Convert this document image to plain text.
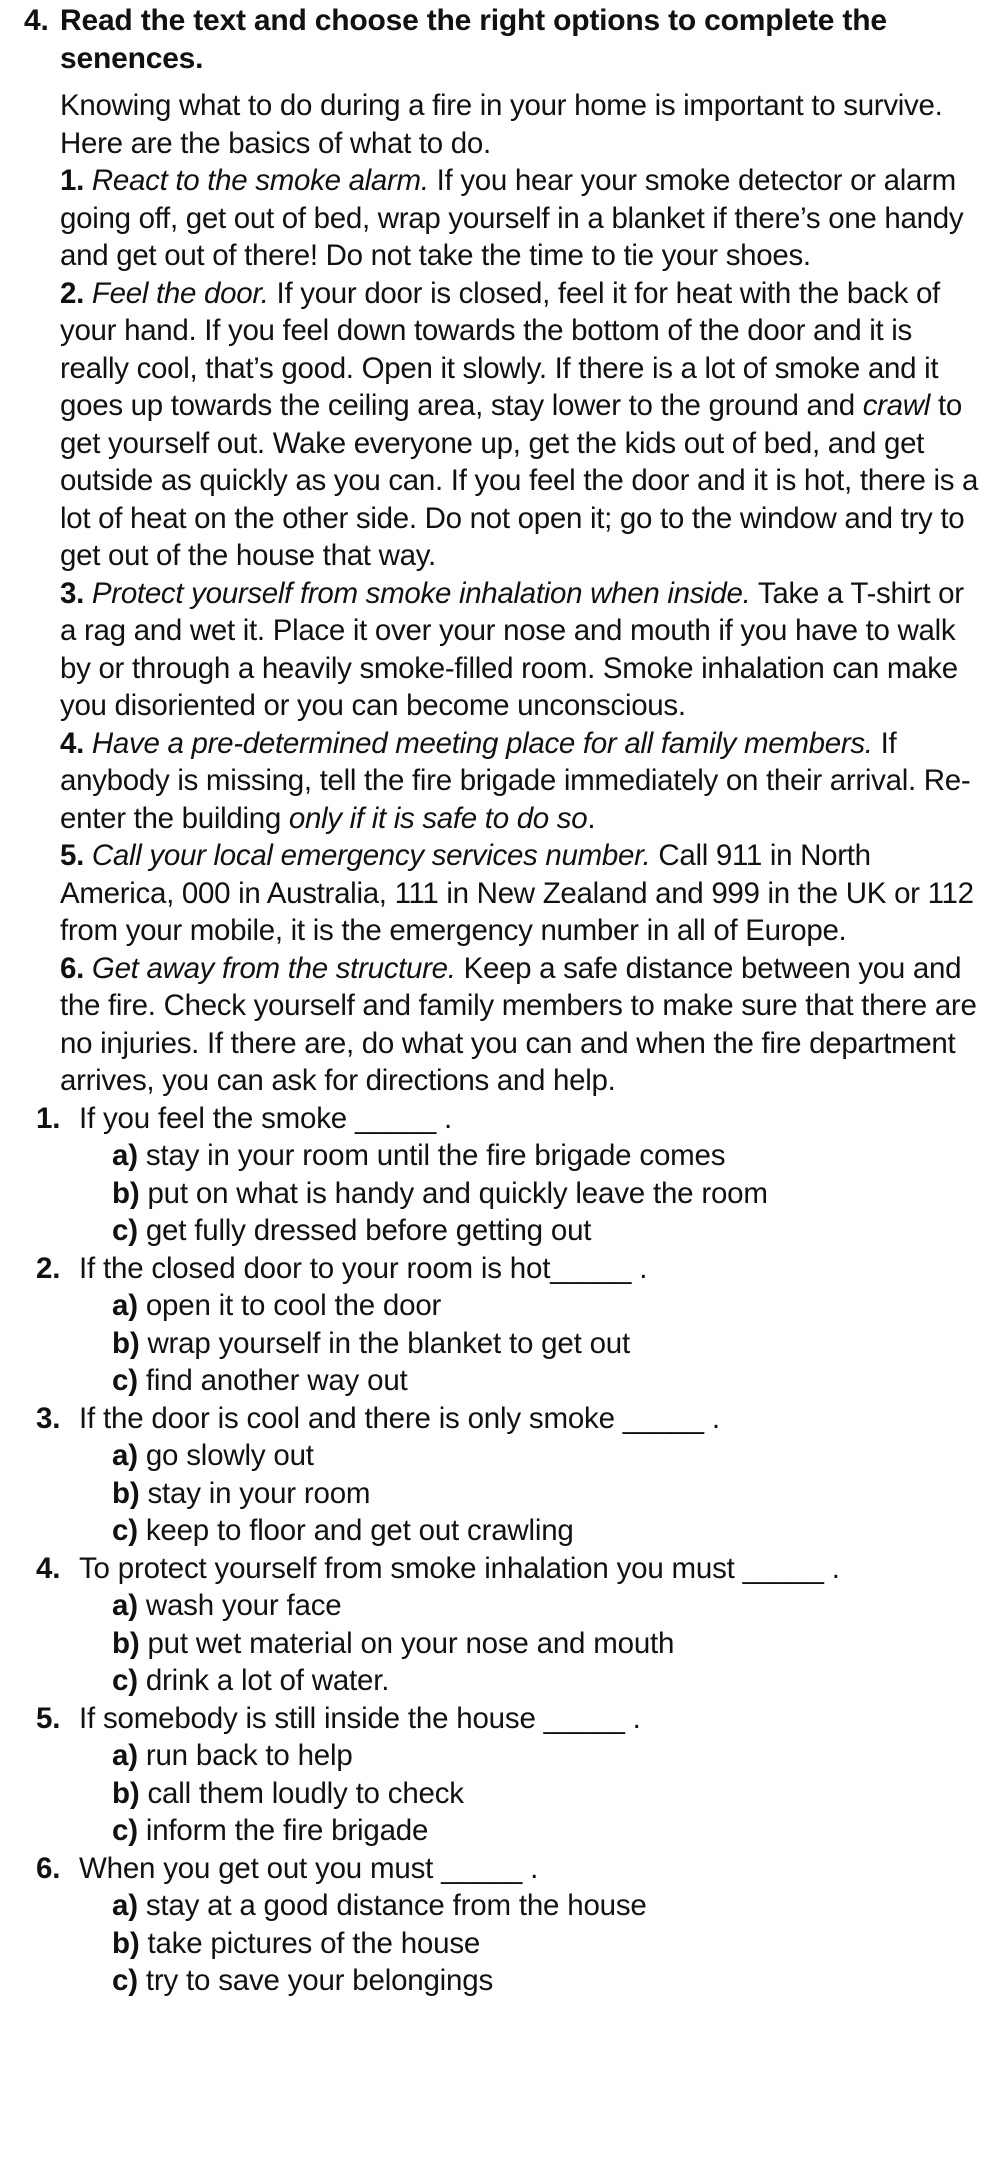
4. Read the text and choose the right options to complete the senences.

Knowing what to do during a fire in your home is important to survive. Here are the basics of what to do.

1. React to the smoke alarm. If you hear your smoke detector or alarm going off, get out of bed, wrap yourself in a blanket if there’s one handy and get out of there! Do not take the time to tie your shoes.

2. Feel the door. If your door is closed, feel it for heat with the back of your hand. If you feel down towards the bottom of the door and it is really cool, that’s good. Open it slowly. If there is a lot of smoke and it goes up towards the ceiling area, stay lower to the ground and crawl to get yourself out. Wake everyone up, get the kids out of bed, and get outside as quickly as you can. If you feel the door and it is hot, there is a lot of heat on the other side. Do not open it; go to the window and try to get out of the house that way.

3. Protect yourself from smoke inhalation when inside. Take a T-shirt or a rag and wet it. Place it over your nose and mouth if you have to walk by or through a heavily smoke-filled room. Smoke inhalation can make you disoriented or you can become unconscious.

4. Have a pre-determined meeting place for all family members. If anybody is missing, tell the fire brigade immediately on their arrival. Re-enter the building only if it is safe to do so.

5. Call your local emergency services number. Call 911 in North America, 000 in Australia, 111 in New Zealand and 999 in the UK or 112 from your mobile, it is the emergency number in all of Europe.

6. Get away from the structure. Keep a safe distance between you and the fire. Check yourself and family members to make sure that there are no injuries. If there are, do what you can and when the fire department arrives, you can ask for directions and help.

1. If you feel the smoke _____ .
a) stay in your room until the fire brigade comes
b) put on what is handy and quickly leave the room
c) get fully dressed before getting out
2. If the closed door to your room is hot_____ .
a) open it to cool the door
b) wrap yourself in the blanket to get out
c) find another way out
3. If the door is cool and there is only smoke _____ .
a) go slowly out
b) stay in your room
c) keep to floor and get out crawling
4. To protect yourself from smoke inhalation you must _____ .
a) wash your face
b) put wet material on your nose and mouth
c) drink a lot of water.
5. If somebody is still inside the house _____ .
a) run back to help
b) call them loudly to check
c) inform the fire brigade
6. When you get out you must _____ .
a) stay at a good distance from the house
b) take pictures of the house
c) try to save your belongings
